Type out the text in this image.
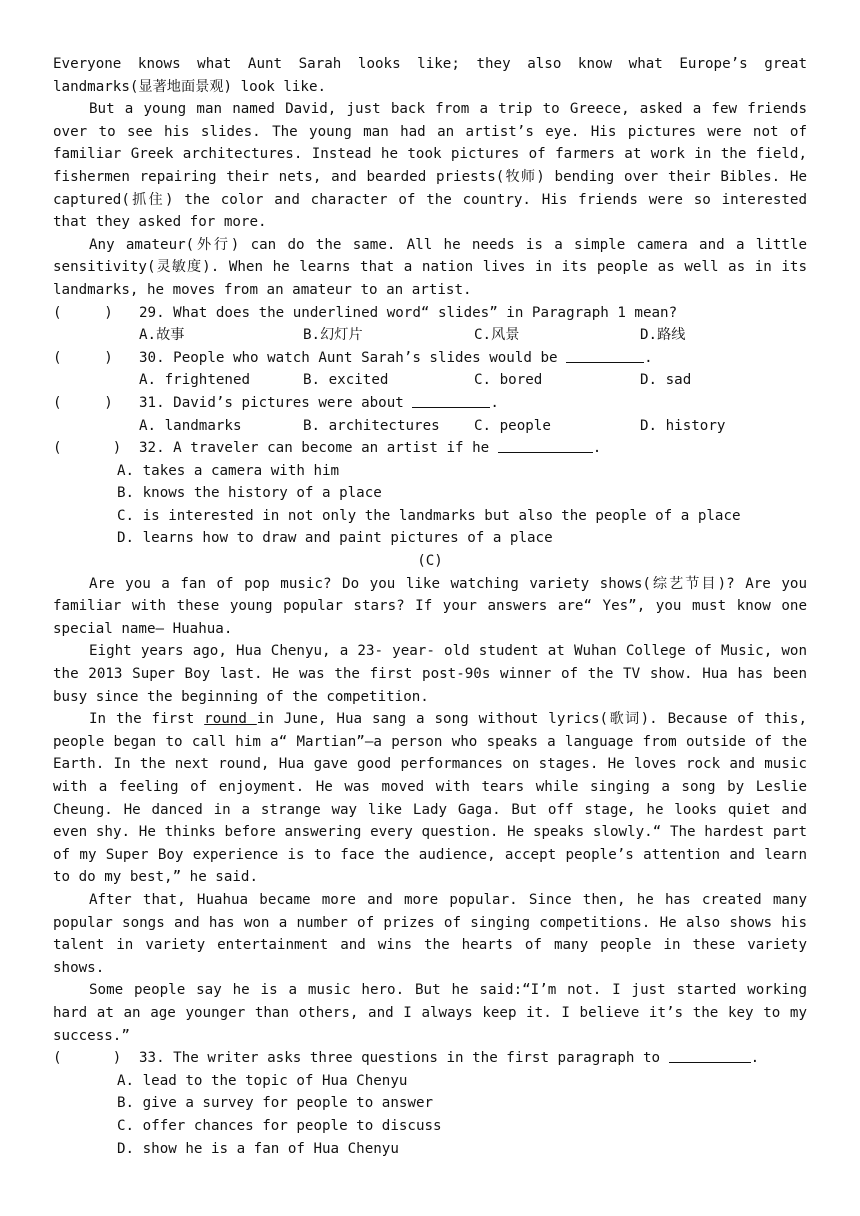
Everyone knows what Aunt Sarah looks like; they also know what Europe’s great landmarks(显著地面景观) look like.

But a young man named David, just back from a trip to Greece, asked a few friends over to see his slides. The young man had an artist’s eye. His pictures were not of familiar Greek architectures. Instead he took pictures of farmers at work in the field, fishermen repairing their nets, and bearded priests(牧师) bending over their Bibles. He captured(抓住) the color and character of the country. His friends were so interested that they asked for more.

Any amateur(外行) can do the same. All he needs is a simple camera and a little sensitivity(灵敏度). When he learns that a nation lives in its people as well as in its landmarks, he moves from an amateur to an artist.

(     )	29. What does the underlined word“ slides” in Paragraph 1 mean?
A.故事	B.幻灯片	C.风景	D.路线
(     )	30. People who watch Aunt Sarah’s slides would be	.
A. frightened	B. excited	C. bored	D. sad
(     )	31. David’s pictures were about	.
A. landmarks	B. architectures	C. people	D. history
(      )	32. A traveler can become an artist if he	.
A. takes a camera with him
B. knows the history of a place
C. is interested in not only the landmarks but also the people of a place
D. learns how to draw and paint pictures of a place
(C)

Are you a fan of pop music? Do you like watching variety shows(综艺节目)? Are you familiar with these young popular stars? If your answers are“ Yes”, you must know one special name— Huahua.

Eight years ago, Hua Chenyu, a 23- year- old student at Wuhan College of Music, won the 2013 Super Boy last. He was the first post-90s winner of the TV show. Hua has been busy since the beginning of the competition.

In the first round in June, Hua sang a song without lyrics(歌词). Because of this, people began to call him a“ Martian”—a person who speaks a language from outside of the Earth. In the next round, Hua gave good performances on stages. He loves rock and music with a feeling of enjoyment. He was moved with tears while singing a song by Leslie Cheung. He danced in a strange way like Lady Gaga. But off stage, he looks quiet and even shy. He thinks before answering every question. He speaks slowly.“ The hardest part of my Super Boy experience is to face the audience, accept people’s attention and learn to do my best,” he said.

After that, Huahua became more and more popular. Since then, he has created many popular songs and has won a number of prizes of singing competitions. He also shows his talent in variety entertainment and wins the hearts of many people in these variety shows.

Some people say he is a music hero. But he said:“I’m not. I just started working hard at an age younger than others, and I always keep it. I believe it’s the key to my success.”

(      )	33. The writer asks three questions in the first paragraph to	.
A. lead to the topic of Hua Chenyu
B. give a survey for people to answer
C. offer chances for people to discuss
D. show he is a fan of Hua Chenyu
